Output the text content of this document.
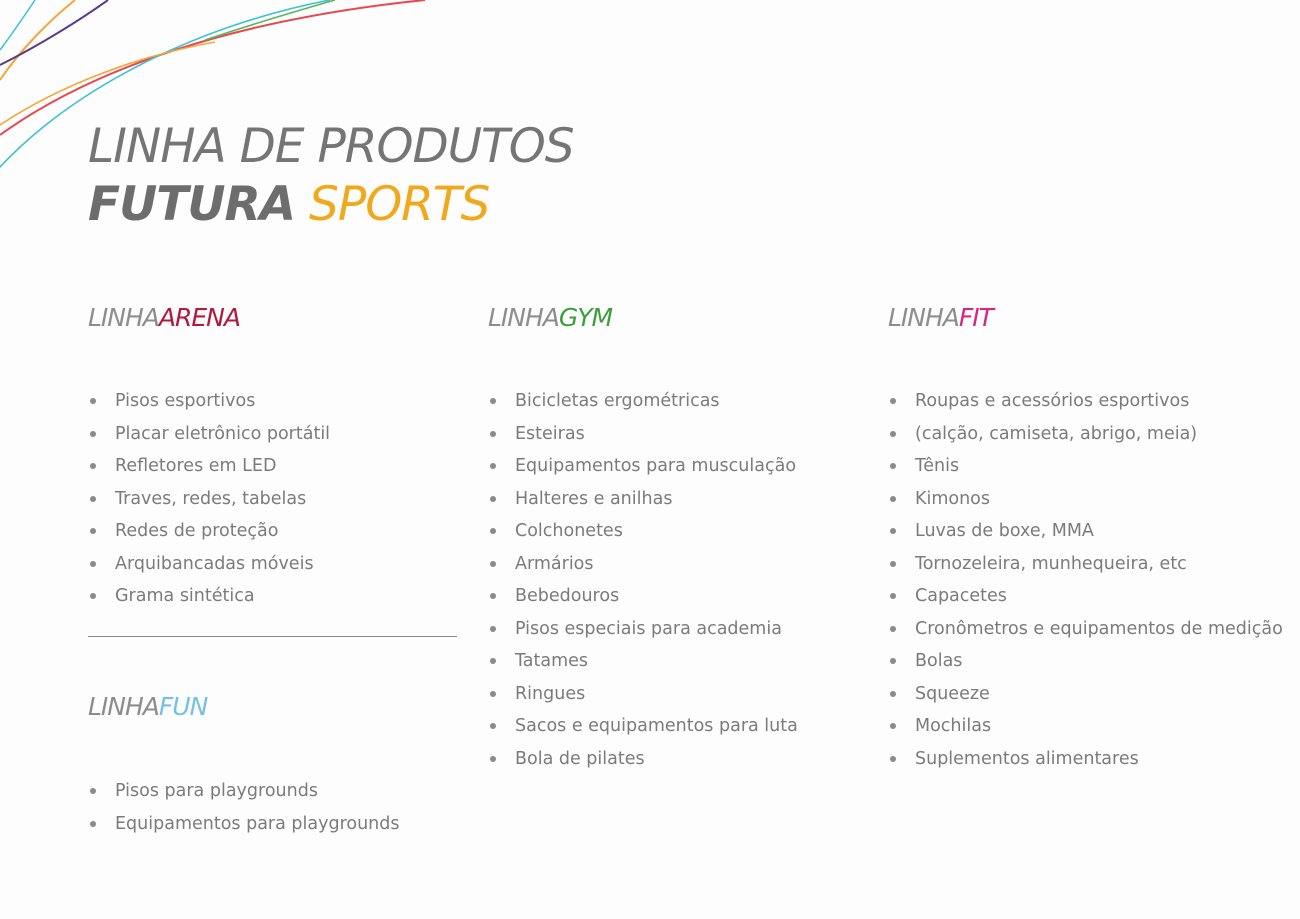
LINHA DE PRODUTOS
FUTURA SPORTS
LINHAARENA
Pisos esportivos
Placar eletrônico portátil
Refletores em LED
Traves, redes, tabelas
Redes de proteção
Arquibancadas móveis
Grama sintética
LINHAFUN
Pisos para playgrounds
Equipamentos para playgrounds
LINHAGYM
Bicicletas ergométricas
Esteiras
Equipamentos para musculação
Halteres e anilhas
Colchonetes
Armários
Bebedouros
Pisos especiais para academia
Tatames
Ringues
Sacos e equipamentos para luta
Bola de pilates
LINHAFIT
Roupas e acessórios esportivos
(calção, camiseta, abrigo, meia)
Tênis
Kimonos
Luvas de boxe, MMA
Tornozeleira, munhequeira, etc
Capacetes
Cronômetros e equipamentos de medição
Bolas
Squeeze
Mochilas
Suplementos alimentares
